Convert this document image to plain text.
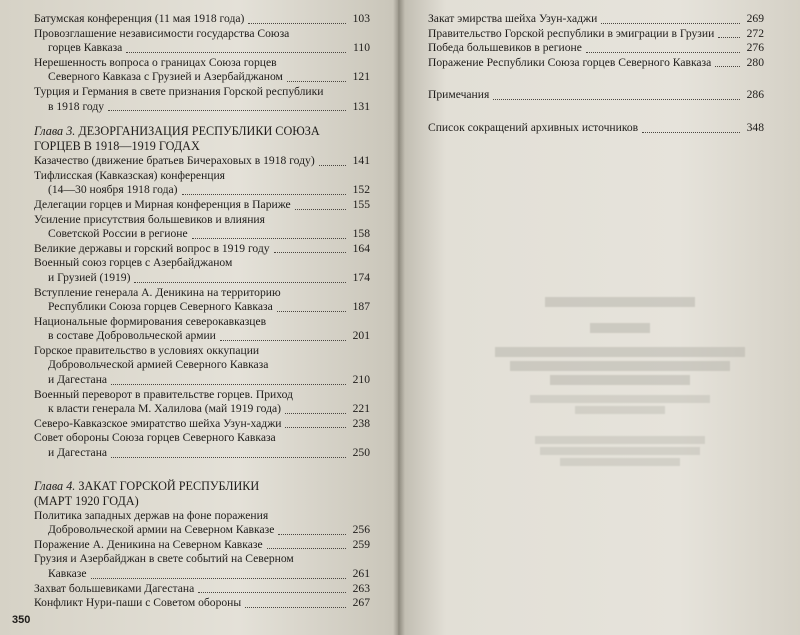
Батумская конференция (11 мая 1918 года)	103
Провозглашение независимости государства Союза
горцев Кавказа	110
Нерешенность вопроса о границах Союза горцев
Северного Кавказа с Грузией и Азербайджаном	121
Турция и Германия в свете признания Горской республики
в 1918 году	131
Глава 3.
ДЕЗОРГАНИЗАЦИЯ РЕСПУБЛИКИ СОЮЗА
ГОРЦЕВ В 1918—1919 ГОДАХ
Казачество (движение братьев Бичераховых в 1918 году)	141
Тифлисская (Кавказская) конференция
(14—30 ноября 1918 года)	152
Делегации горцев и Мирная конференция в Париже	155
Усиление присутствия большевиков и влияния
Советской России в регионе	158
Великие державы и горский вопрос в 1919 году	164
Военный союз горцев с Азербайджаном
и Грузией (1919)	174
Вступление генерала А. Деникина на территорию
Республики Союза горцев Северного Кавказа	187
Национальные формирования северокавказцев
в составе Добровольческой армии	201
Горское правительство в условиях оккупации
Добровольческой армией Северного Кавказа
и Дагестана	210
Военный переворот в правительстве горцев. Приход
к власти генерала М. Халилова (май 1919 года)	221
Северо-Кавказское эмиратство шейха Узун-хаджи	238
Совет обороны Союза горцев Северного Кавказа
и Дагестана	250
Глава 4.
ЗАКАТ ГОРСКОЙ РЕСПУБЛИКИ
(МАРТ 1920 ГОДА)
Политика западных держав на фоне поражения
Добровольческой армии на Северном Кавказе	256
Поражение А. Деникина на Северном Кавказе	259
Грузия и Азербайджан в свете событий на Северном
Кавказе	261
Захват большевиками Дагестана	263
Конфликт Нури-паши с Советом обороны	267
350
Закат эмирства шейха Узун-хаджи	269
Правительство Горской республики в эмиграции в Грузии	272
Победа большевиков в регионе	276
Поражение Республики Союза горцев Северного Кавказа	280
Примечания	286
Список сокращений архивных источников	348
